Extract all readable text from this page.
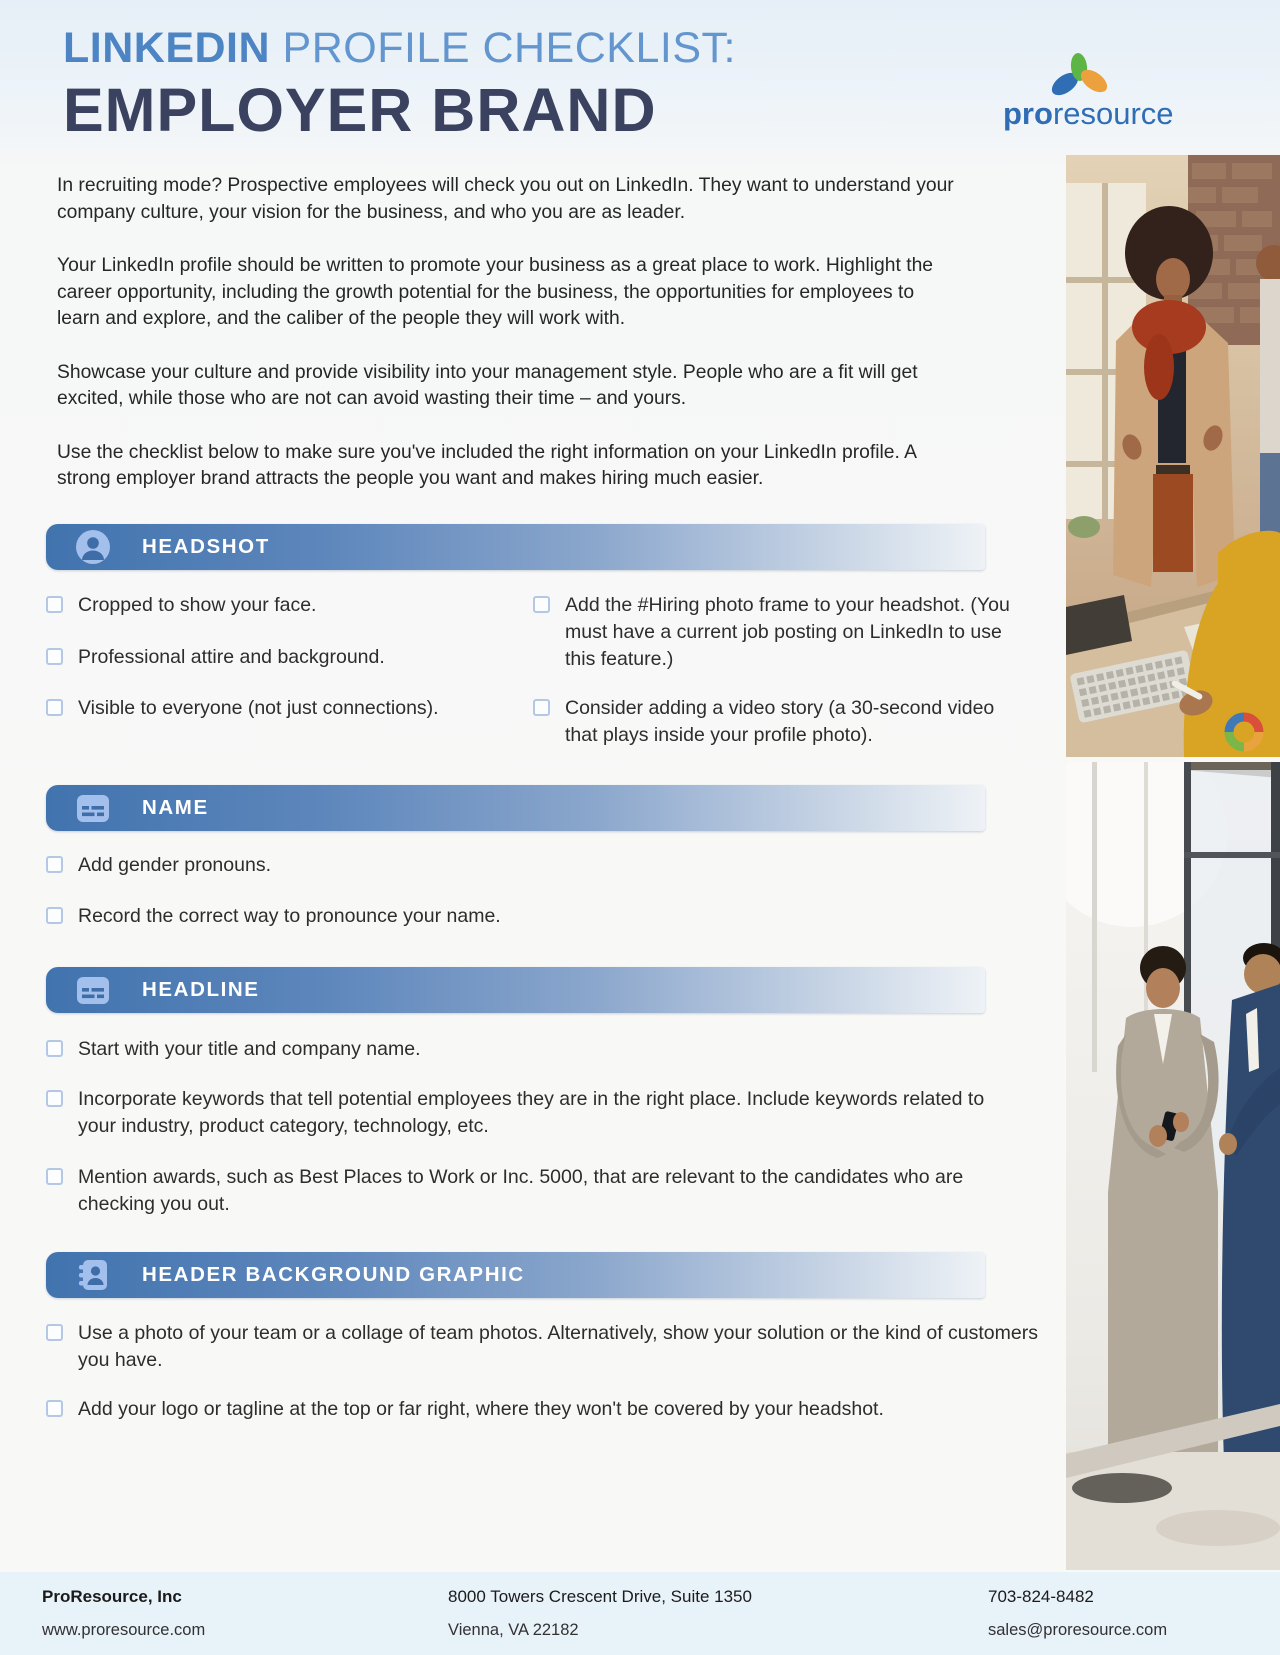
LINKEDIN PROFILE CHECKLIST:
EMPLOYER BRAND	proresource

In recruiting mode? Prospective employees will check you out on LinkedIn. They want to understand your company culture, your vision for the business, and who you are as leader.

Your LinkedIn profile should be written to promote your business as a great place to work. Highlight the career opportunity, including the growth potential for the business, the opportunities for employees to learn and explore, and the caliber of the people they will work with.

Showcase your culture and provide visibility into your management style. People who are a fit will get excited, while those who are not can avoid wasting their time – and yours.

Use the checklist below to make sure you've included the right information on your LinkedIn profile. A strong employer brand attracts the people you want and makes hiring much easier.

HEADSHOT
Cropped to show your face.
Professional attire and background.
Visible to everyone (not just connections).
Add the #Hiring photo frame to your headshot. (You must have a current job posting on LinkedIn to use this feature.)
Consider adding a video story (a 30-second video that plays inside your profile photo).
NAME
Add gender pronouns.
Record the correct way to pronounce your name.
HEADLINE
Start with your title and company name.
Incorporate keywords that tell potential employees they are in the right place. Include keywords related to your industry, product category, technology, etc.
Mention awards, such as Best Places to Work or Inc. 5000, that are relevant to the candidates who are checking you out.
HEADER BACKGROUND GRAPHIC
Use a photo of your team or a collage of team photos. Alternatively, show your solution or the kind of customers you have.
Add your logo or tagline at the top or far right, where they won't be covered by your headshot.
ProResource, Inc
www.proresource.com
8000 Towers Crescent Drive, Suite 1350
Vienna, VA 22182
703-824-8482
sales@proresource.com
